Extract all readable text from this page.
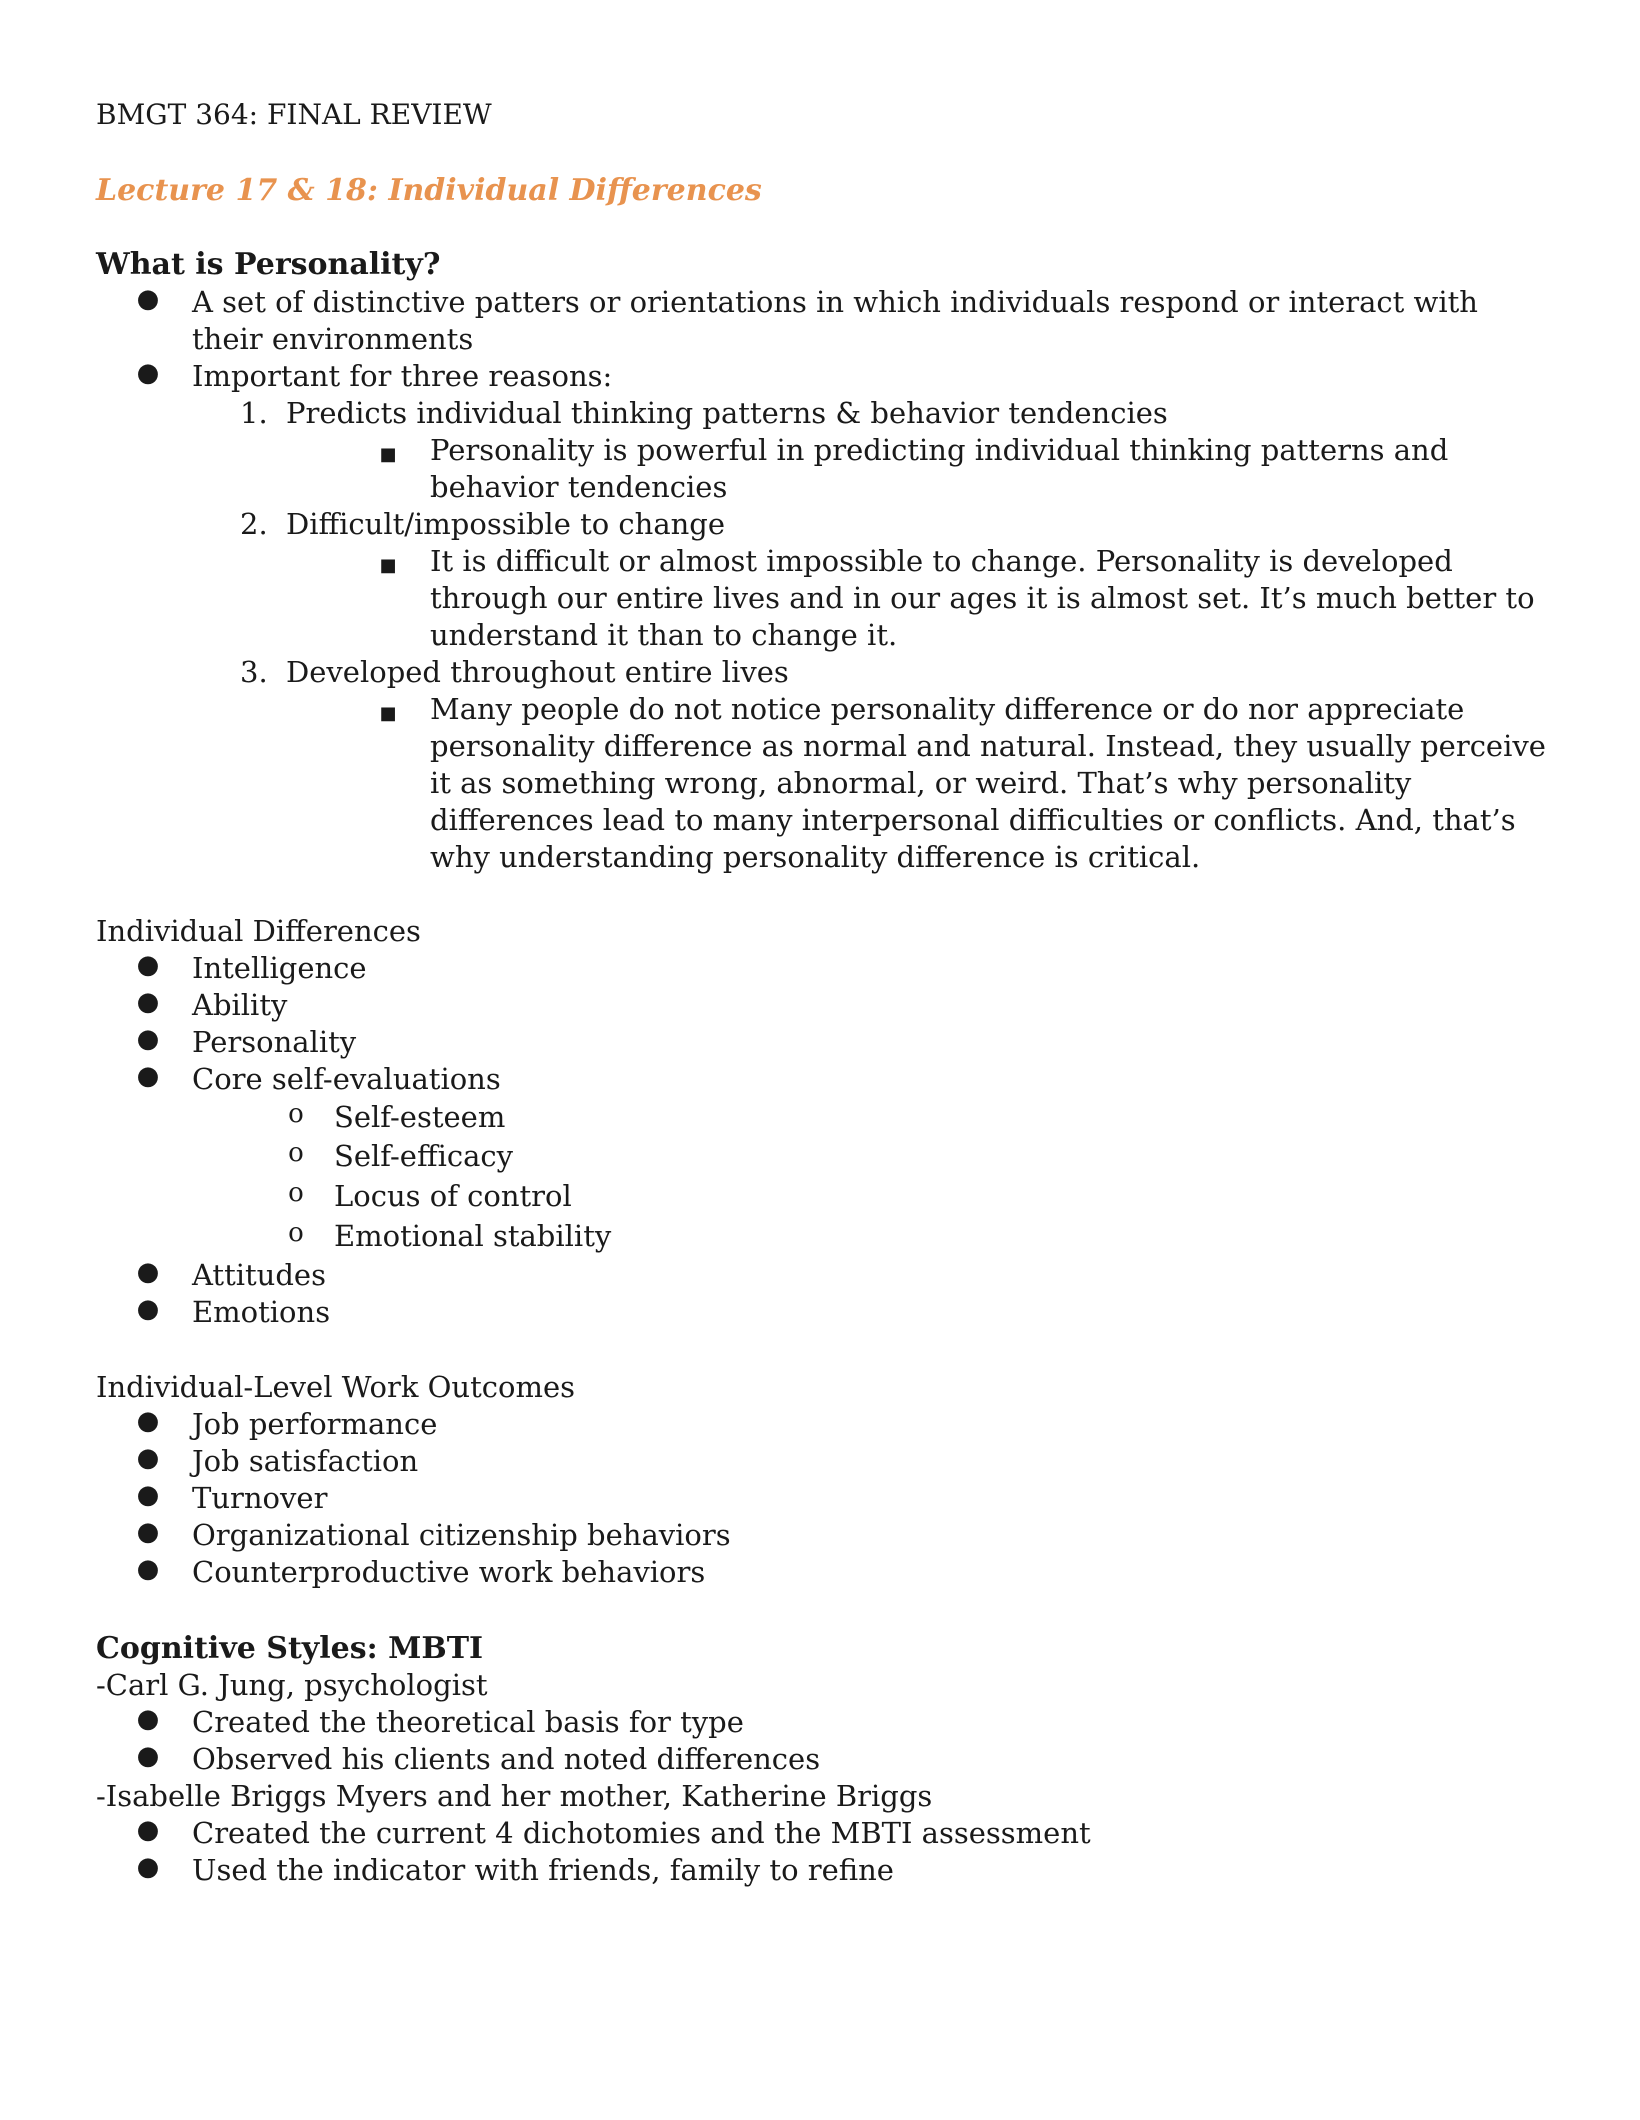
BMGT 364: FINAL REVIEW
Lecture 17 & 18: Individual Differences
What is Personality?
● A set of distinctive patters or orientations in which individuals respond or interact with their environments
● Important for three reasons:
1. Predicts individual thinking patterns & behavior tendencies
■	Personality is powerful in predicting individual thinking patterns and behavior tendencies
2. Difficult/impossible to change
■	It is difficult or almost impossible to change. Personality is developed through our entire lives and in our ages it is almost set. It’s much better to understand it than to change it.
3. Developed throughout entire lives
■	Many people do not notice personality difference or do nor appreciate personality difference as normal and natural. Instead, they usually perceive it as something wrong, abnormal, or weird. That’s why personality differences lead to many interpersonal difficulties or conflicts. And, that’s why understanding personality difference is critical.
Individual Differences
● Intelligence
● Ability
● Personality
● Core self-evaluations
o	Self-esteem
o	Self-efficacy
o	Locus of control
o	Emotional stability
● Attitudes
● Emotions
Individual-Level Work Outcomes
● Job performance
● Job satisfaction
● Turnover
● Organizational citizenship behaviors
● Counterproductive work behaviors
Cognitive Styles: MBTI
-Carl G. Jung, psychologist
● Created the theoretical basis for type
● Observed his clients and noted differences
-Isabelle Briggs Myers and her mother, Katherine Briggs
● Created the current 4 dichotomies and the MBTI assessment
● Used the indicator with friends, family to refine
